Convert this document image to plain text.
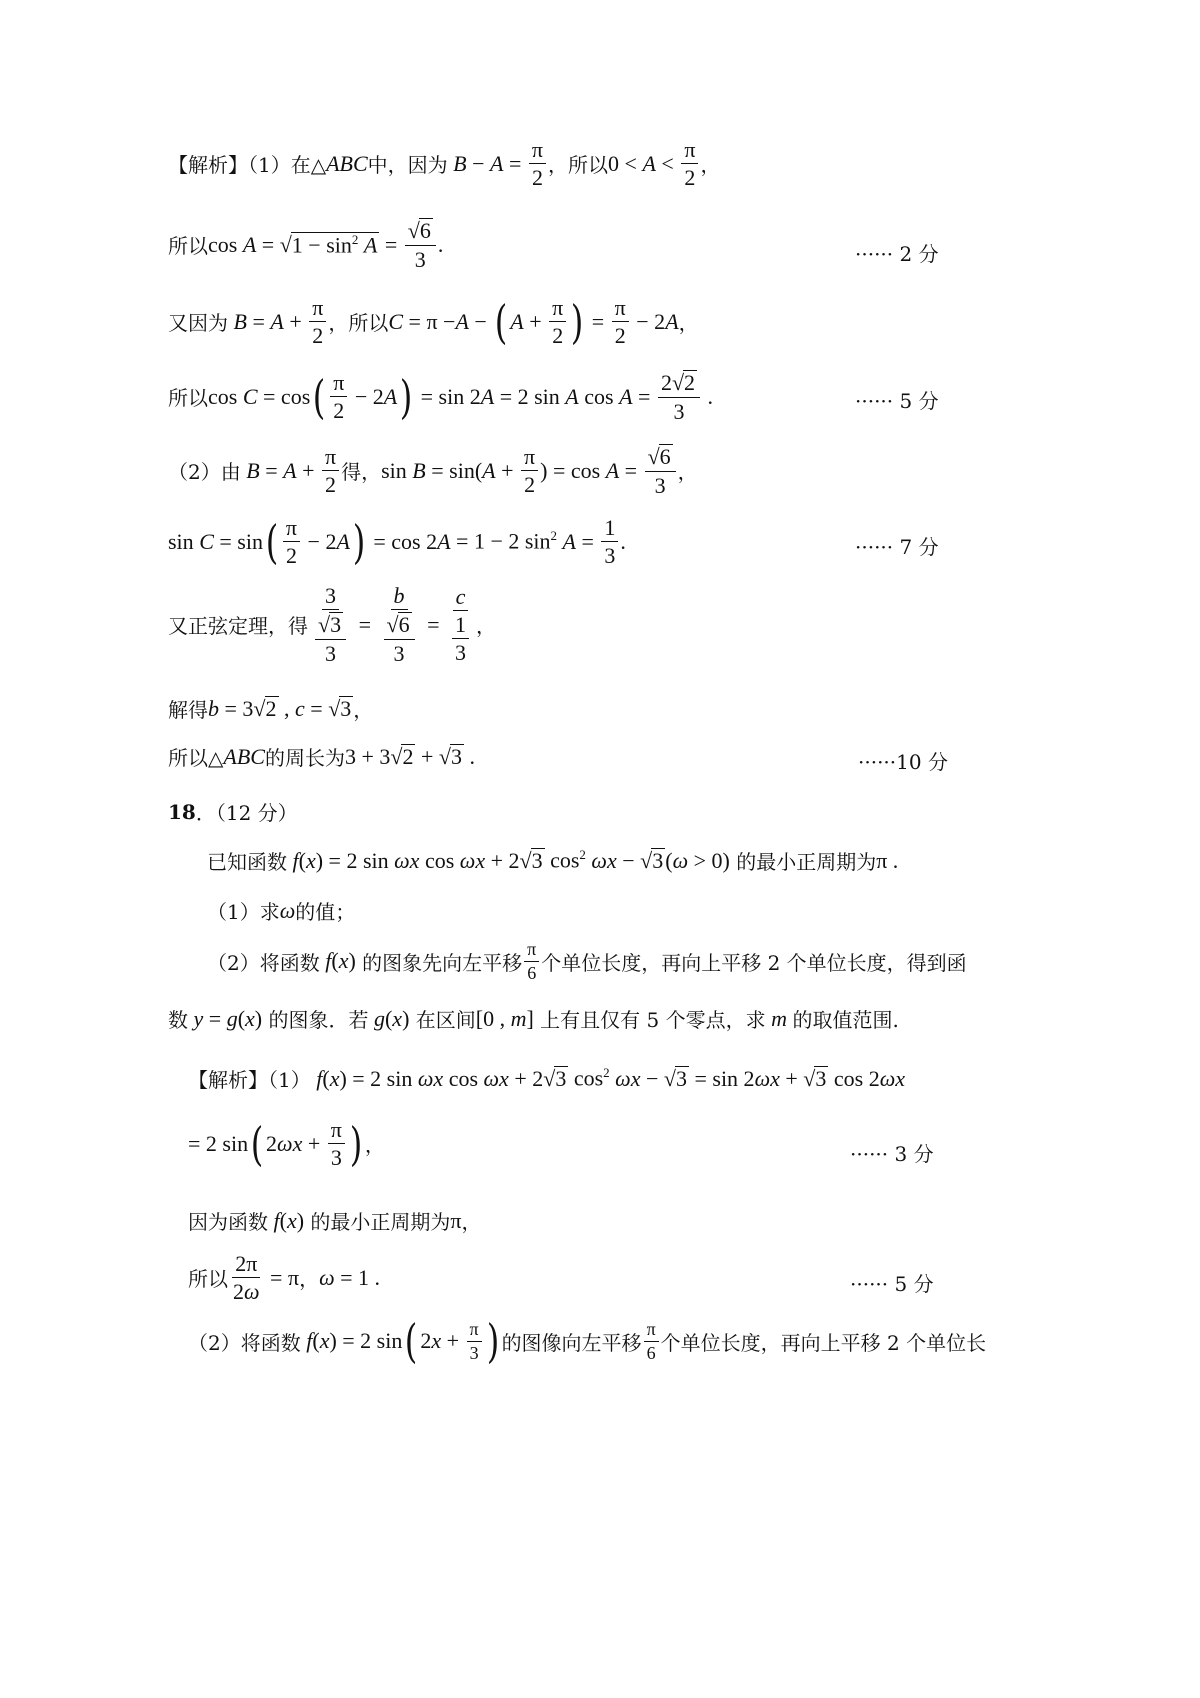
【解析】（1）在△ ABC 中，因为 $B - A = \frac{\pi}{2}$ ，所以 $0 < A < \frac{\pi}{2}$ ，
所以 cos A = √ $1 - \sin^2 A = \frac{√6}{3}$ .	······ 2 分
又因为 $B = A + \frac{\pi}{2}$ ，所以 C = π − A − ( $A + \frac{\pi}{2}$ ) = $\frac{\pi}{2} - 2$ A ，
所以 cos C = cos ( $\frac{\pi}{2} - 2$ A ) = sin 2 A = 2 sin A $\cos A = \frac{2√2}{3}$ .	······ 5 分
（2）由 $B = A + \frac{\pi}{2}$ 得， sin B = sin( $A + \frac{\pi}{2}$ ) = $\cos A = \frac{√6}{3}$ ，
sin C = sin ( $\frac{\pi}{2} - 2$ A ) = cos 2 A = 1 − 2 $\sin^2 A = \frac{1}{3}$ .	······ 7 分
又正弦定理，得 $\frac{3}{\frac{√3}{3}} = \frac{b}{\frac{√6}{3}} = \frac{c}{\frac{1}{3}}$ ，
解得 b = 3 √ 2 , c = √ 3 ，
所以△ ABC 的周长为 3 + 3 √ 2 + √ 3 .	······10 分
18 ．（12 分）
已知函数 f ( x ) = 2 sin ωx cos ωx + 2 √ 3 $\cos^2 \omega x$ − √ 3 ( ω > 0) 的最小正周期为 π .
（1）求 ω 的值；
（2）将函数 f ( x ) 的图象先向左平移 $\frac{\pi}{6}$ 个单位长度，再向上平移 2 个单位长度，得到函
数 y = g ( x ) 的图象．若 g ( x ) 在区间 [0 , m ] 上有且仅有 5 个零点，求 m 的取值范围.
【解析】（1） f ( x ) = 2 sin ωx cos ωx + 2 √ 3 $\cos^2 \omega x$ − √ 3 = sin 2 ωx + √ 3 cos 2 ωx
= 2 sin ( 2 $\omega x + \frac{\pi}{3}$ ) ，	······ 3 分
因为函数 f ( x ) 的最小正周期为 π ，
所以 $\frac{2\pi}{2\omega} = \pi$ ， ω = 1 .	······ 5 分
（2）将函数 f ( x ) = 2 sin ( 2 $x + \frac{\pi}{3}$ ) 的图像向左平移 $\frac{\pi}{6}$ 个单位长度，再向上平移 2 个单位长
